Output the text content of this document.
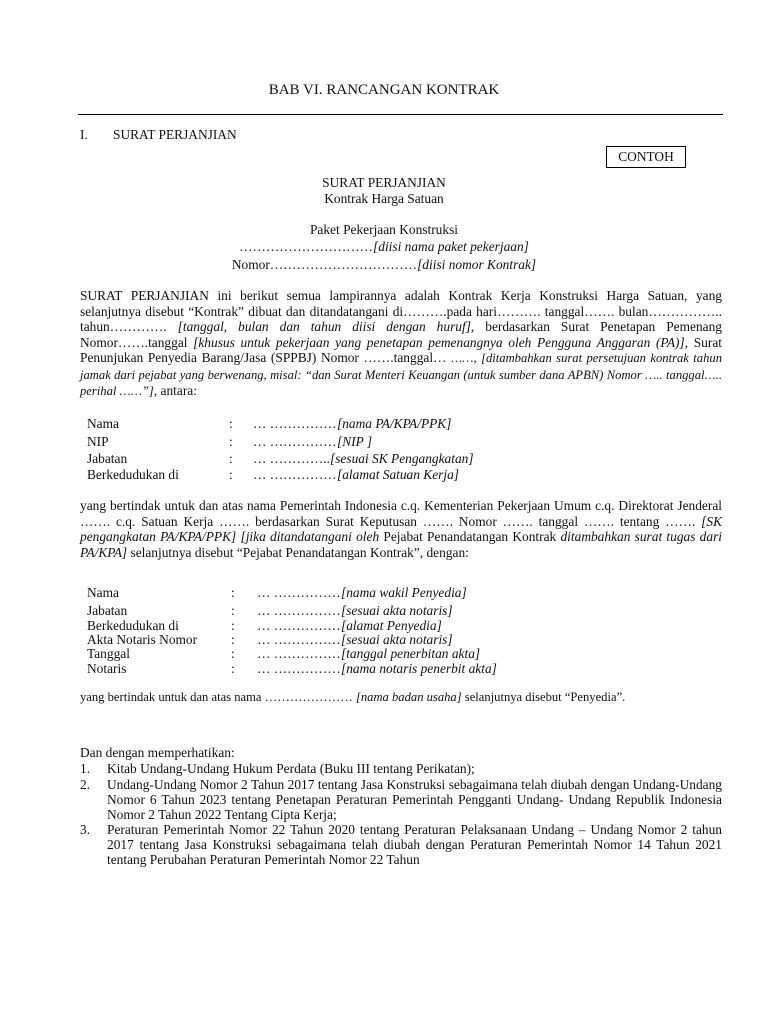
BAB VI. RANCANGAN KONTRAK
I. SURAT PERJANJIAN
CONTOH
SURAT PERJANJIAN
Kontrak Harga Satuan
Paket Pekerjaan Konstruksi
…………………………[diisi nama paket pekerjaan]
Nomor……………………………[diisi nomor Kontrak]
SURAT PERJANJIAN ini berikut semua lampirannya adalah Kontrak Kerja Konstruksi Harga Satuan, yang selanjutnya disebut “Kontrak” dibuat dan ditandatangani di……….pada hari………. tanggal……. bulan…………….. tahun…………. [tanggal, bulan dan tahun diisi dengan huruf], berdasarkan Surat Penetapan Pemenang Nomor…….tanggal [khusus untuk pekerjaan yang penetapan pemenangnya oleh Pengguna Anggaran (PA)], Surat Penunjukan Penyedia Barang/Jasa (SPPBJ) Nomor …….tanggal… ……, [ditambahkan surat persetujuan kontrak tahun jamak dari pejabat yang berwenang, misal: “dan Surat Menteri Keuangan (untuk sumber dana APBN) Nomor ….. tanggal….. perihal ……”], antara:
Nama	: … …………… [nama PA/KPA/PPK]
NIP	: … …………… [NIP ]
Jabatan	: … ………….. [sesuai SK Pengangkatan]
Berkedudukan di	: … …………… [alamat Satuan Kerja]
yang bertindak untuk dan atas nama Pemerintah Indonesia c.q. Kementerian Pekerjaan Umum c.q. Direktorat Jenderal ……. c.q. Satuan Kerja ……. berdasarkan Surat Keputusan ……. Nomor ……. tanggal ……. tentang ……. [SK pengangkatan PA/KPA/PPK] [jika ditandatangani oleh Pejabat Penandatangan Kontrak ditambahkan surat tugas dari PA/KPA] selanjutnya disebut “Pejabat Penandatangan Kontrak”, dengan:
Nama	: … …………… [nama wakil Penyedia]
Jabatan	: … …………… [sesuai akta notaris]
Berkedudukan di	: … …………… [alamat Penyedia]
Akta Notaris Nomor	: … …………… [sesuai akta notaris]
Tanggal	: … …………… [tanggal penerbitan akta]
Notaris	: … …………… [nama notaris penerbit akta]
yang bertindak untuk dan atas nama ………………… [nama badan usaha] selanjutnya disebut “Penyedia”.
Dan dengan memperhatikan:
1. Kitab Undang-Undang Hukum Perdata (Buku III tentang Perikatan);
2. Undang-Undang Nomor 2 Tahun 2017 tentang Jasa Konstruksi sebagaimana telah diubah dengan Undang-Undang Nomor 6 Tahun 2023 tentang Penetapan Peraturan Pemerintah Pengganti Undang- Undang Republik Indonesia Nomor 2 Tahun 2022 Tentang Cipta Kerja;
3. Peraturan Pemerintah Nomor 22 Tahun 2020 tentang Peraturan Pelaksanaan Undang – Undang Nomor 2 tahun 2017 tentang Jasa Konstruksi sebagaimana telah diubah dengan Peraturan Pemerintah Nomor 14 Tahun 2021 tentang Perubahan Peraturan Pemerintah Nomor 22 Tahun
